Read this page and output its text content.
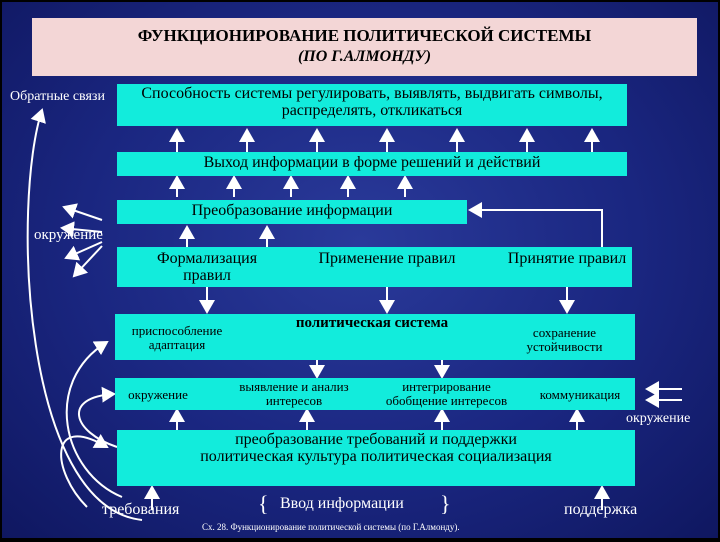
ФУНКЦИОНИРОВАНИЕ ПОЛИТИЧЕСКОЙ СИСТЕМЫ
(ПО Г.АЛМОНДУ)
Обратные связи	Способность системы регулировать, выявлять, выдвигать символы, распределять, откликаться
Выход информации в форме решений и действий
Преобразование информации
окружение
Формализация правил
Применение правил	Принятие правил
приспособление адаптация
политическая система
сохранение устойчивости
окружение
выявление и анализ интересов
интегрирование обобщение интересов	коммуникация
окружение
преобразование требований и поддержки политическая культура политическая социализация
требования	{ Ввод информации }	поддержка
Сх. 28. Функционирование политической системы (по Г.Алмонду).
